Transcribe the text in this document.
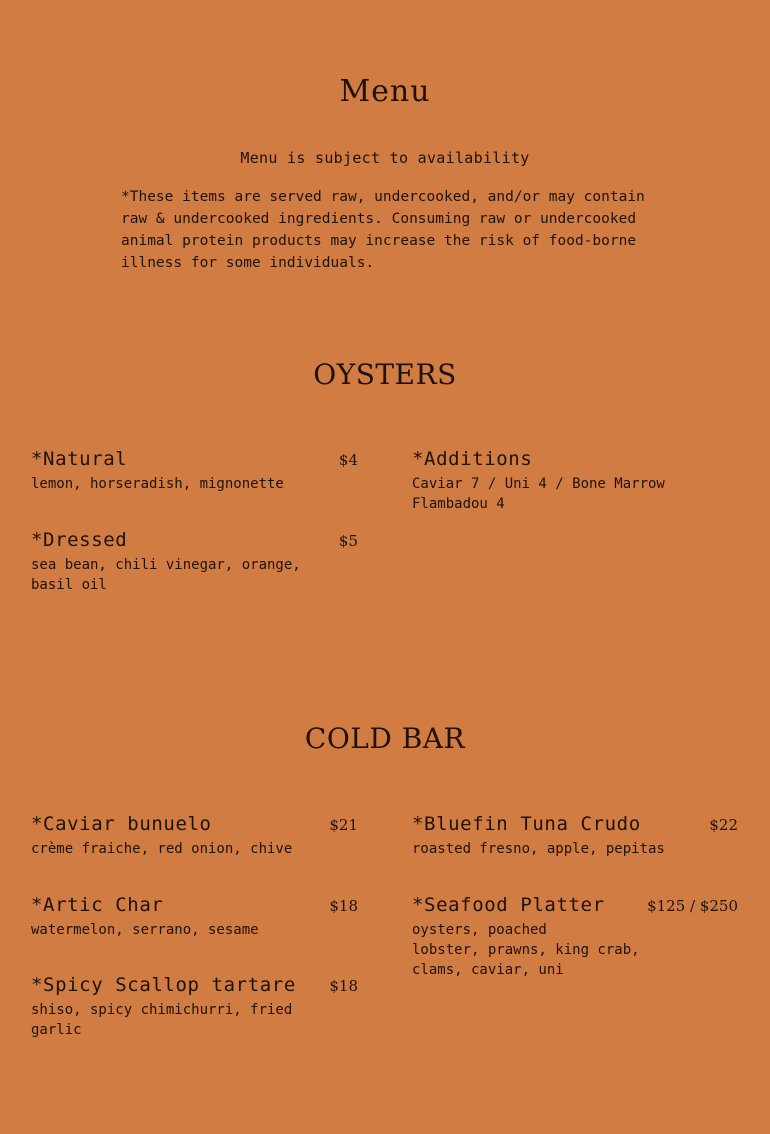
Menu
Menu is subject to availability
*These items are served raw, undercooked, and/or may contain
raw & undercooked ingredients. Consuming raw or undercooked
animal protein products may increase the risk of food-borne
illness for some individuals.
OYSTERS
*Natural	$4
lemon, horseradish, mignonette
*Dressed	$5
sea bean, chili vinegar, orange,
basil oil
*Additions
Caviar 7 / Uni 4 / Bone Marrow
Flambadou 4
COLD BAR
*Caviar bunuelo	$21
crème fraiche, red onion, chive
*Artic Char	$18
watermelon, serrano, sesame
*Spicy Scallop tartare	$18
shiso, spicy chimichurri, fried
garlic
*Bluefin Tuna Crudo	$22
roasted fresno, apple, pepitas
*Seafood Platter	$125 / $250
oysters, poached
lobster, prawns, king crab,
clams, caviar, uni
